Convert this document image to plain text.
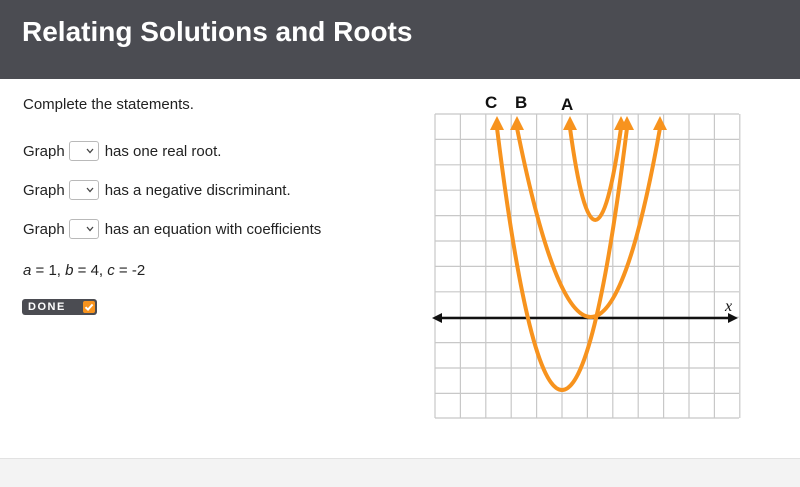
Relating Solutions and Roots
Complete the statements.
Graph	has one real root.
Graph	has a negative discriminant.
Graph	has an equation with coefficients
a = 1, b = 4, c = -2
DONE	x
C B A
